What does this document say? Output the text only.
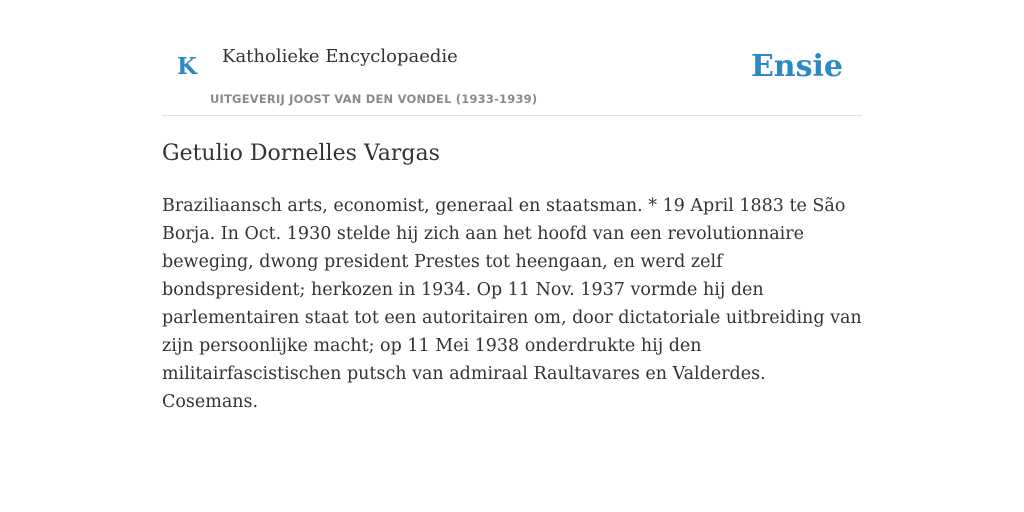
K Katholieke Encyclopaedie
UITGEVERIJ JOOST VAN DEN VONDEL (1933-1939)
Ensie
Getulio Dornelles Vargas

Braziliaansch arts, economist, generaal en staatsman. * 19 April 1883 te São Borja. In Oct. 1930 stelde hij zich aan het hoofd van een revolutionnaire beweging, dwong president Prestes tot heengaan, en werd zelf bondspresident; herkozen in 1934. Op 11 Nov. 1937 vormde hij den parlementairen staat tot een autoritairen om, door dictatoriale uitbreiding van zijn persoonlijke macht; op 11 Mei 1938 onderdrukte hij den militairfascistischen putsch van admiraal Raultavares en Valderdes. Cosemans.
